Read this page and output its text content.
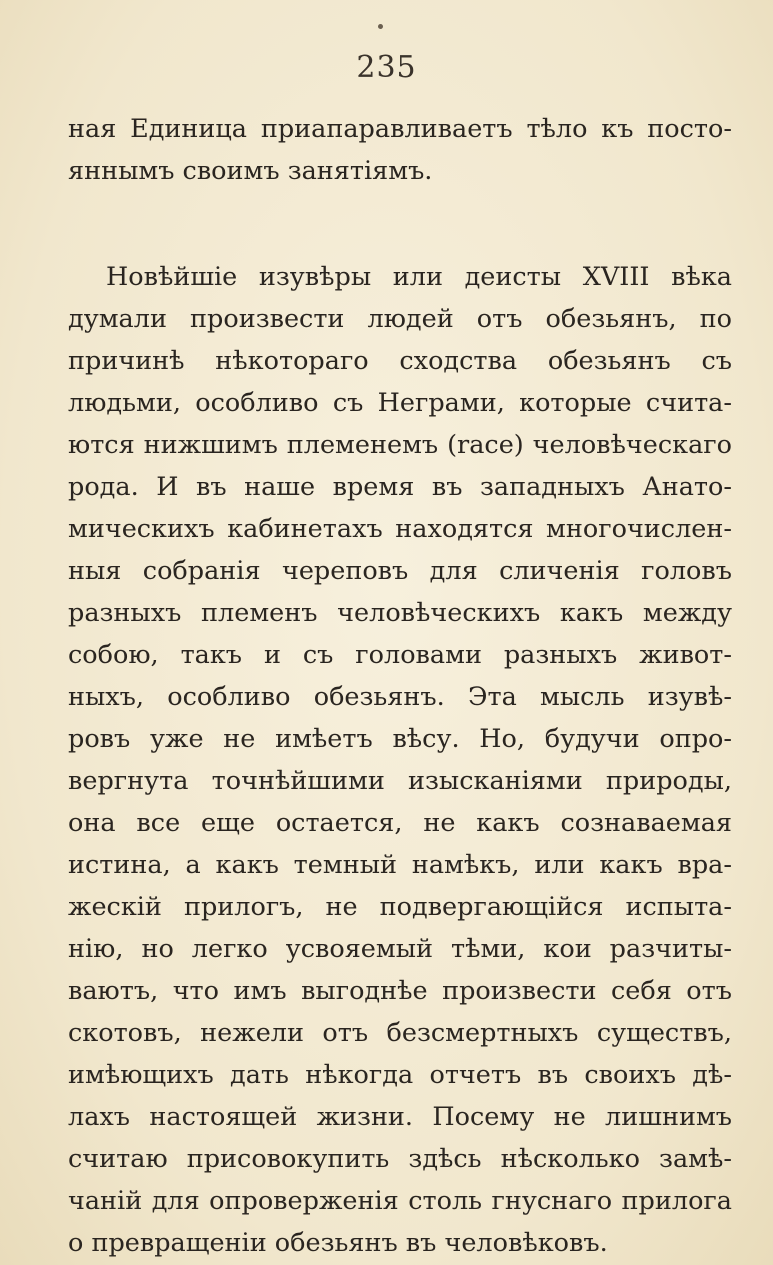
235
ная Единица приапаравливаетъ тѣло къ посто-
яннымъ своимъ занятіямъ.
Новѣйшіе изувѣры или деисты XVIII вѣка
думали произвести людей отъ обезьянъ, по
причинѣ нѣкотораго сходства обезьянъ съ
людьми, особливо съ Неграми, которые счита-
ются нижшимъ племенемъ (race) человѣческаго
рода. И въ наше время въ западныхъ Анато-
мическихъ кабинетахъ находятся многочислен-
ныя собранія череповъ для сличенія головъ
разныхъ племенъ человѣческихъ какъ между
собою, такъ и съ головами разныхъ живот-
ныхъ, особливо обезьянъ. Эта мысль изувѣ-
ровъ уже не имѣетъ вѣсу. Но, будучи опро-
вергнута точнѣйшими изысканіями природы,
она все еще остается, не какъ сознаваемая
истина, а какъ темный намѣкъ, или какъ вра-
жескій прилогъ, не подвергающійся испыта-
нію, но легко усвояемый тѣми, кои разчиты-
ваютъ, что имъ выгоднѣе произвести себя отъ
скотовъ, нежели отъ безсмертныхъ существъ,
имѣющихъ дать нѣкогда отчетъ въ своихъ дѣ-
лахъ настоящей жизни. Посему не лишнимъ
считаю присовокупить здѣсь нѣсколько замѣ-
чаній для опроверженія столь гнуснаго прилога
о превращеніи обезьянъ въ человѣковъ.
